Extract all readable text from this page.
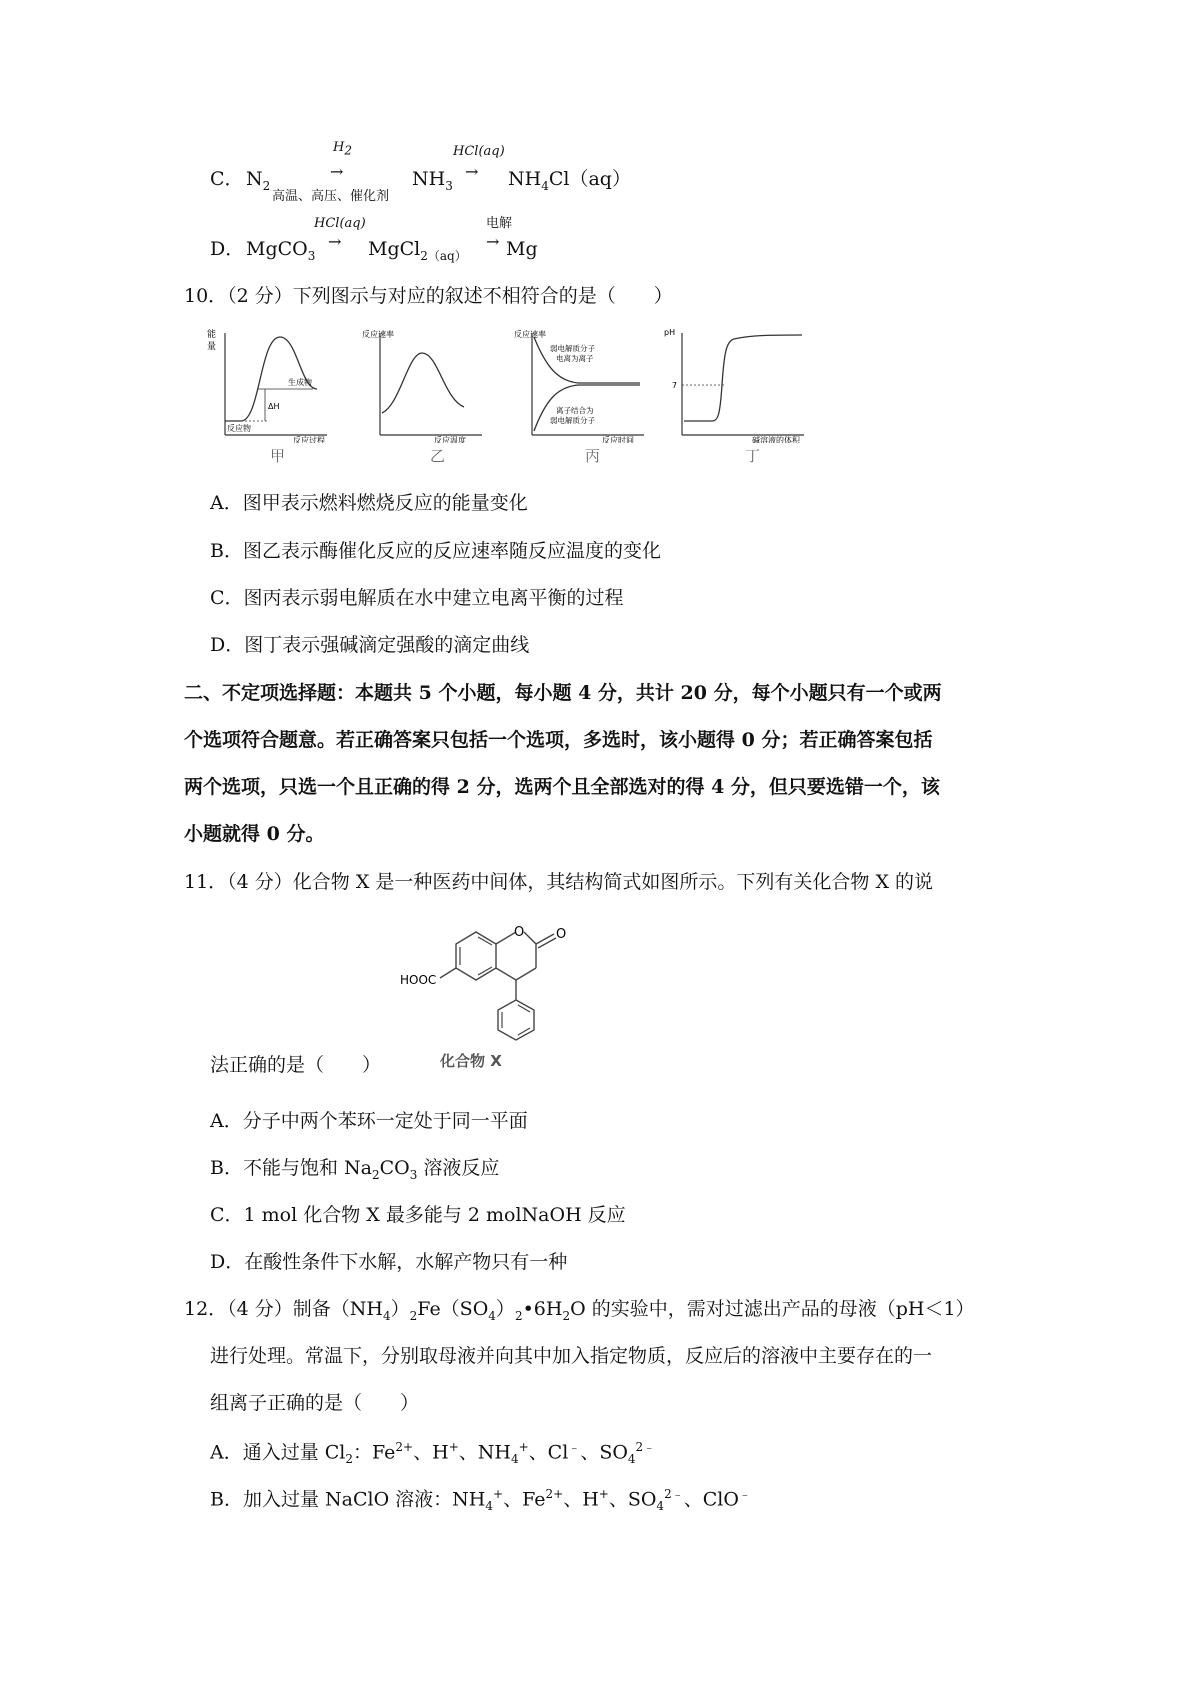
C． $N_2$
$H_2$
→
高温、高压、催化剂
$NH_3$
HCl(aq)
→ $NH_4Cl(aq)$
D． MgCO$_3$
HCl(aq)
→ MgCl$_{2(aq)}$
电解
→ Mg
10．（2 分）下列图示与对应的叙述不相符合的是（　　）
能
量
ΔH
生成物
反应物
反应过程
甲
反应速率
反应温度
乙
反应速率
弱电解质分子
电离为离子
离子结合为
弱电解质分子
反应时间
丙
pH
7
碱溶液的体积
丁
A．图甲表示燃料燃烧反应的能量变化
B．图乙表示酶催化反应的反应速率随反应温度的变化
C．图丙表示弱电解质在水中建立电离平衡的过程
D．图丁表示强碱滴定强酸的滴定曲线
二、不定项选择题：本题共 5 个小题，每小题 4 分，共计 20 分，每个小题只有一个或两
个选项符合题意。若正确答案只包括一个选项，多选时，该小题得 0 分；若正确答案包括
两个选项，只选一个且正确的得 2 分，选两个且全部选对的得 4 分，但只要选错一个，该
小题就得 0 分。
11．（4 分）化合物 X 是一种医药中间体，其结构简式如图所示。下列有关化合物 X 的说
O O
HOOC
化合物 X
法正确的是（　　）
A．分子中两个苯环一定处于同一平面
B．不能与饱和 $Na_2CO_3$ 溶液反应
C．1 mol 化合物 X 最多能与 2 molNaOH 反应
D．在酸性条件下水解，水解产物只有一种
12．（4 分）制备$(NH_4)_2Fe(SO_4)_2•6H_2O$ 的实验中，需对过滤出产品的母液（pH＜1）
进行处理。常温下，分别取母液并向其中加入指定物质，反应后的溶液中主要存在的一
组离子正确的是（　　）
A．通入过量 $Cl_2$：$Fe^{2+}$、H+、$NH_4^+$、Cl﹣、$SO_4^{2﹣}$
B．加入过量 NaClO 溶液：$NH_4^+$、$Fe^{2+}$、H+、$SO_4^{2﹣}$、ClO﹣
